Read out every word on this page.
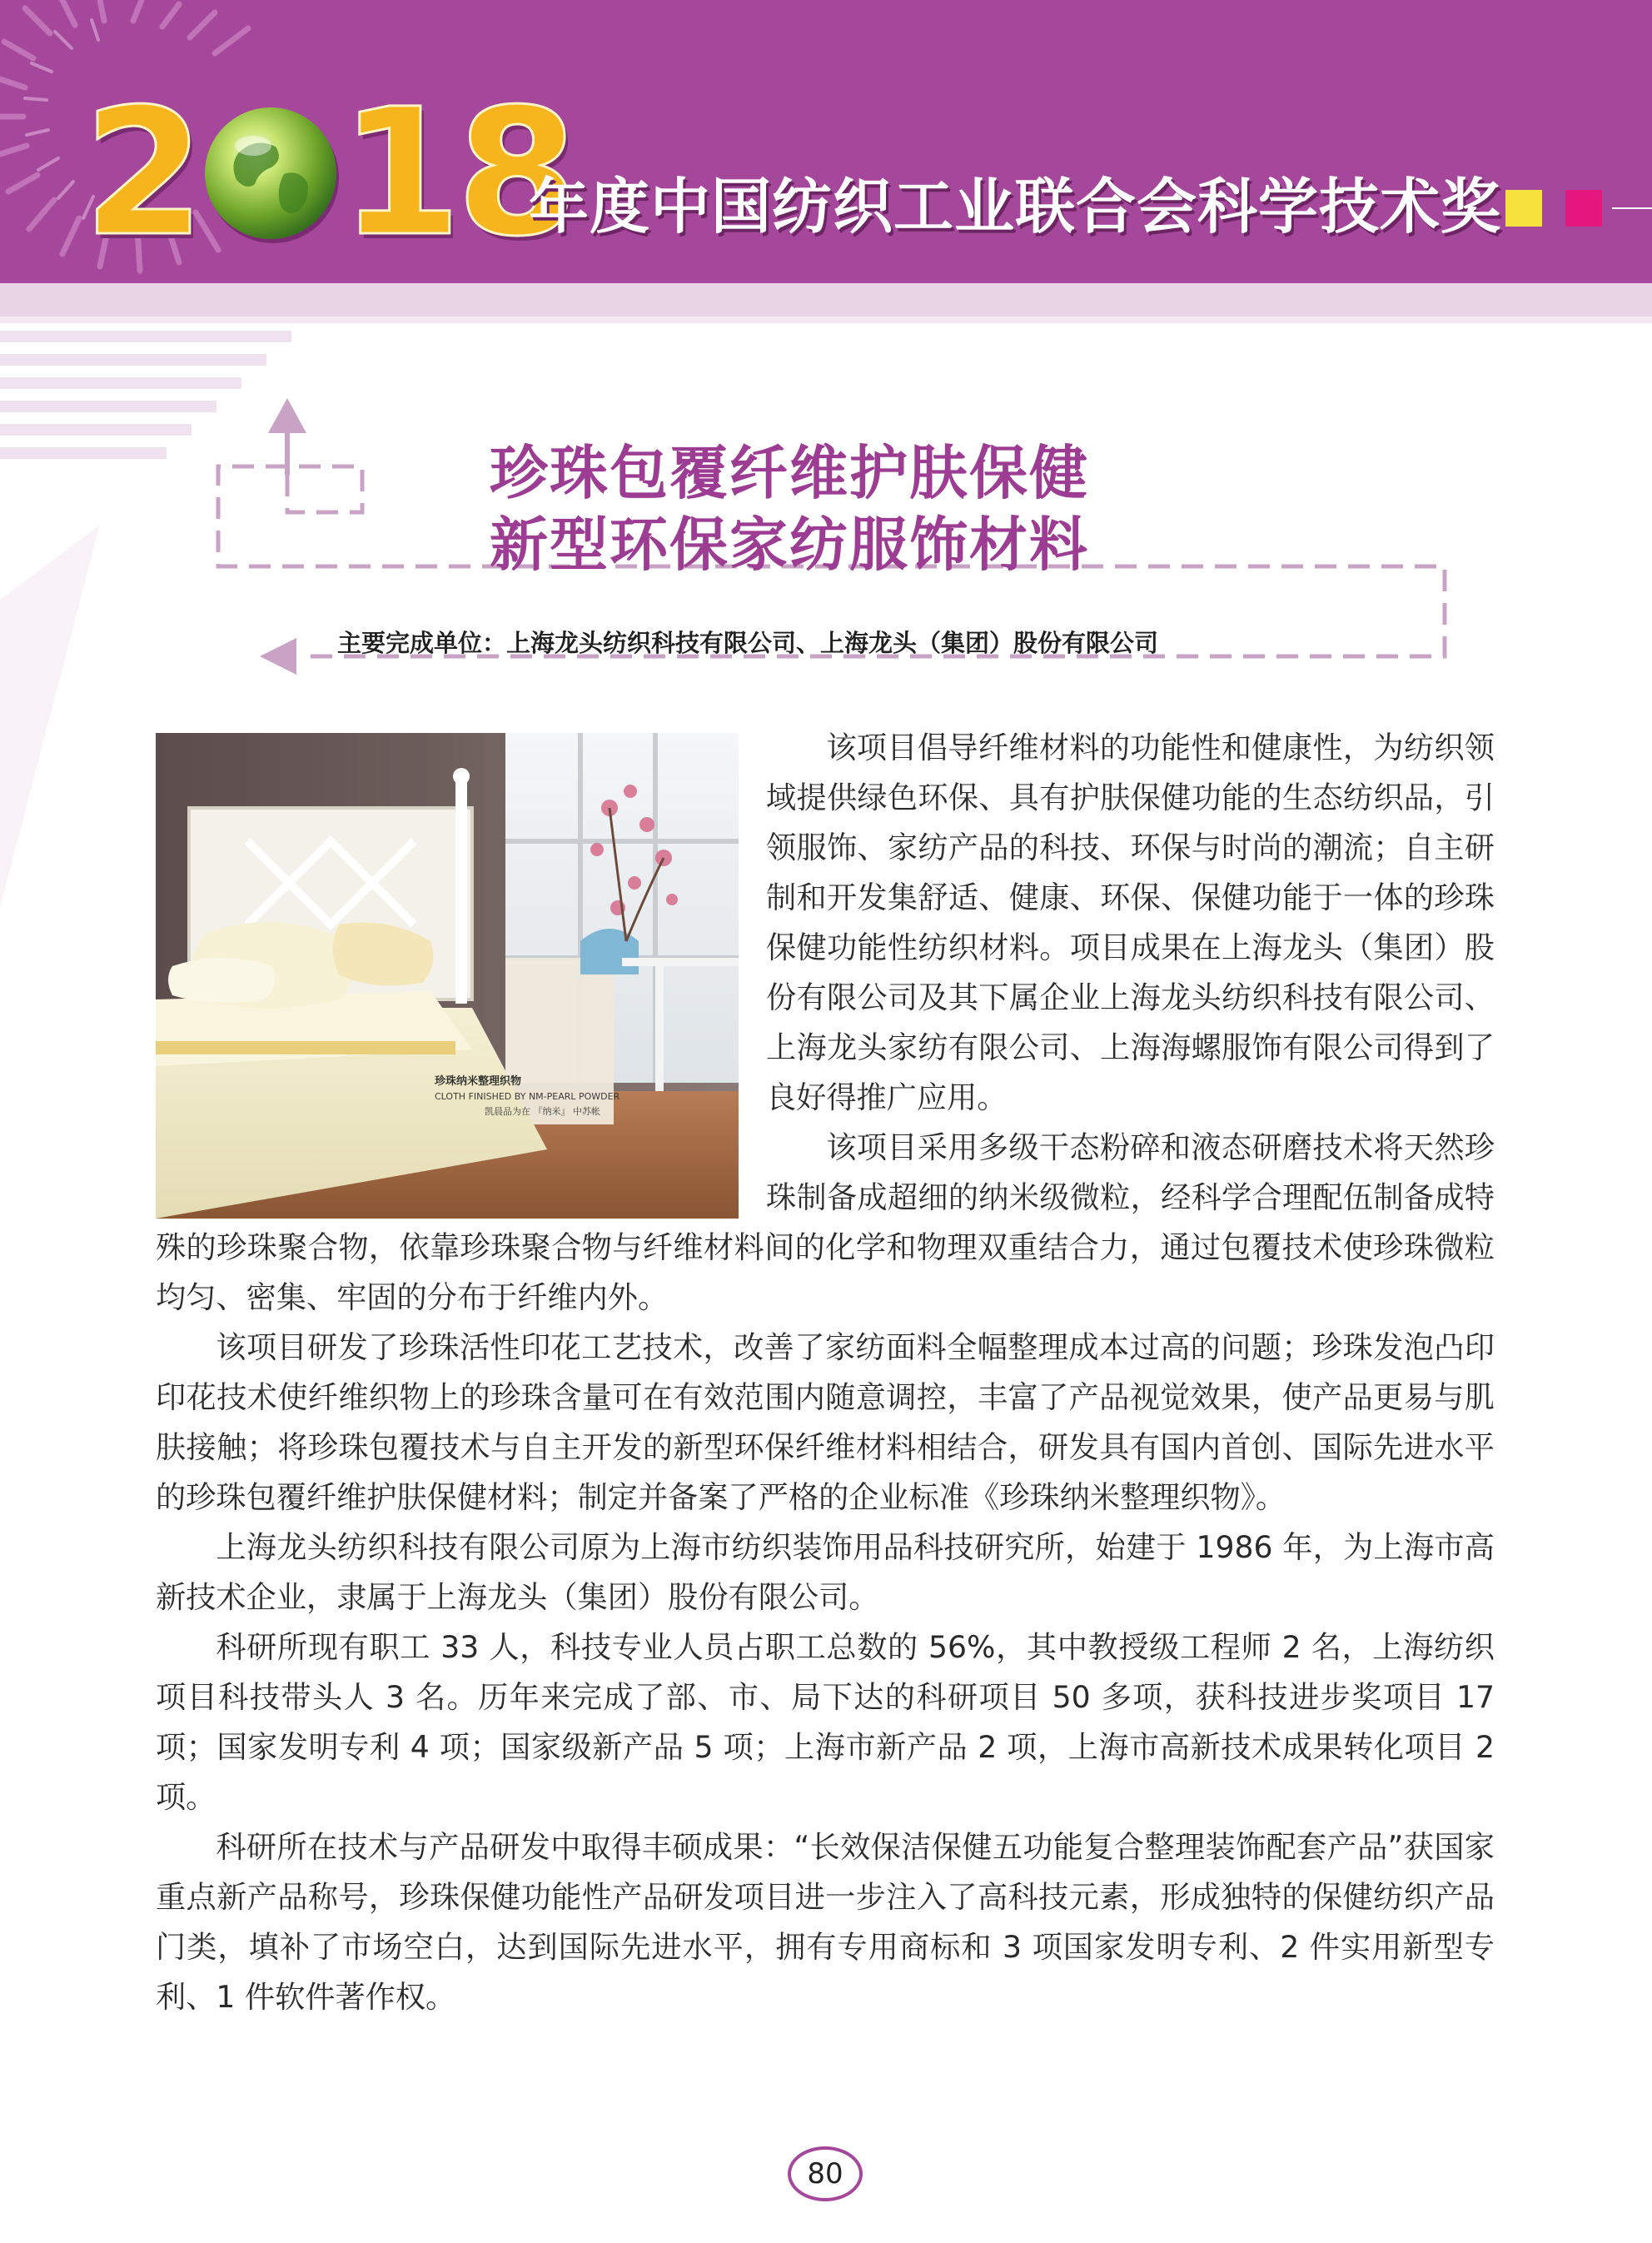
2 18
年度中国纺织工业联合会科学技术奖
珍珠包覆纤维护肤保健
新型环保家纺服饰材料
主要完成单位：上海龙头纺织科技有限公司、上海龙头（集团）股份有限公司
珍珠纳米整理织物
CLOTH FINISHED BY NM-PEARL POWDER
凯晨品为在 『纳米』 中苏帐

该项目倡导纤维材料的功能性和健康性，为纺织领域提供绿色环保、具有护肤保健功能的生态纺织品，引领服饰、家纺产品的科技、环保与时尚的潮流；自主研制和开发集舒适、健康、环保、保健功能于一体的珍珠保健功能性纺织材料。项目成果在上海龙头（集团）股份有限公司及其下属企业上海龙头纺织科技有限公司、上海龙头家纺有限公司、上海海螺服饰有限公司得到了良好得推广应用。

该项目采用多级干态粉碎和液态研磨技术将天然珍珠制备成超细的纳米级微粒，经科学合理配伍制备成特殊的珍珠聚合物，依靠珍珠聚合物与纤维材料间的化学和物理双重结合力，通过包覆技术使珍珠微粒均匀、密集、牢固的分布于纤维内外。

该项目研发了珍珠活性印花工艺技术，改善了家纺面料全幅整理成本过高的问题；珍珠发泡凸印印花技术使纤维织物上的珍珠含量可在有效范围内随意调控，丰富了产品视觉效果，使产品更易与肌肤接触；将珍珠包覆技术与自主开发的新型环保纤维材料相结合，研发具有国内首创、国际先进水平的珍珠包覆纤维护肤保健材料；制定并备案了严格的企业标准《珍珠纳米整理织物》。

上海龙头纺织科技有限公司原为上海市纺织装饰用品科技研究所，始建于 1986 年，为上海市高新技术企业，隶属于上海龙头（集团）股份有限公司。

科研所现有职工 33 人，科技专业人员占职工总数的 56%，其中教授级工程师 2 名，上海纺织项目科技带头人 3 名。历年来完成了部、市、局下达的科研项目 50 多项，获科技进步奖项目 17 项；国家发明专利 4 项；国家级新产品 5 项；上海市新产品 2 项，上海市高新技术成果转化项目 2 项。

科研所在技术与产品研发中取得丰硕成果：“长效保洁保健五功能复合整理装饰配套产品”获国家重点新产品称号，珍珠保健功能性产品研发项目进一步注入了高科技元素，形成独特的保健纺织产品门类，填补了市场空白，达到国际先进水平，拥有专用商标和 3 项国家发明专利、2 件实用新型专利、1 件软件著作权。

80
